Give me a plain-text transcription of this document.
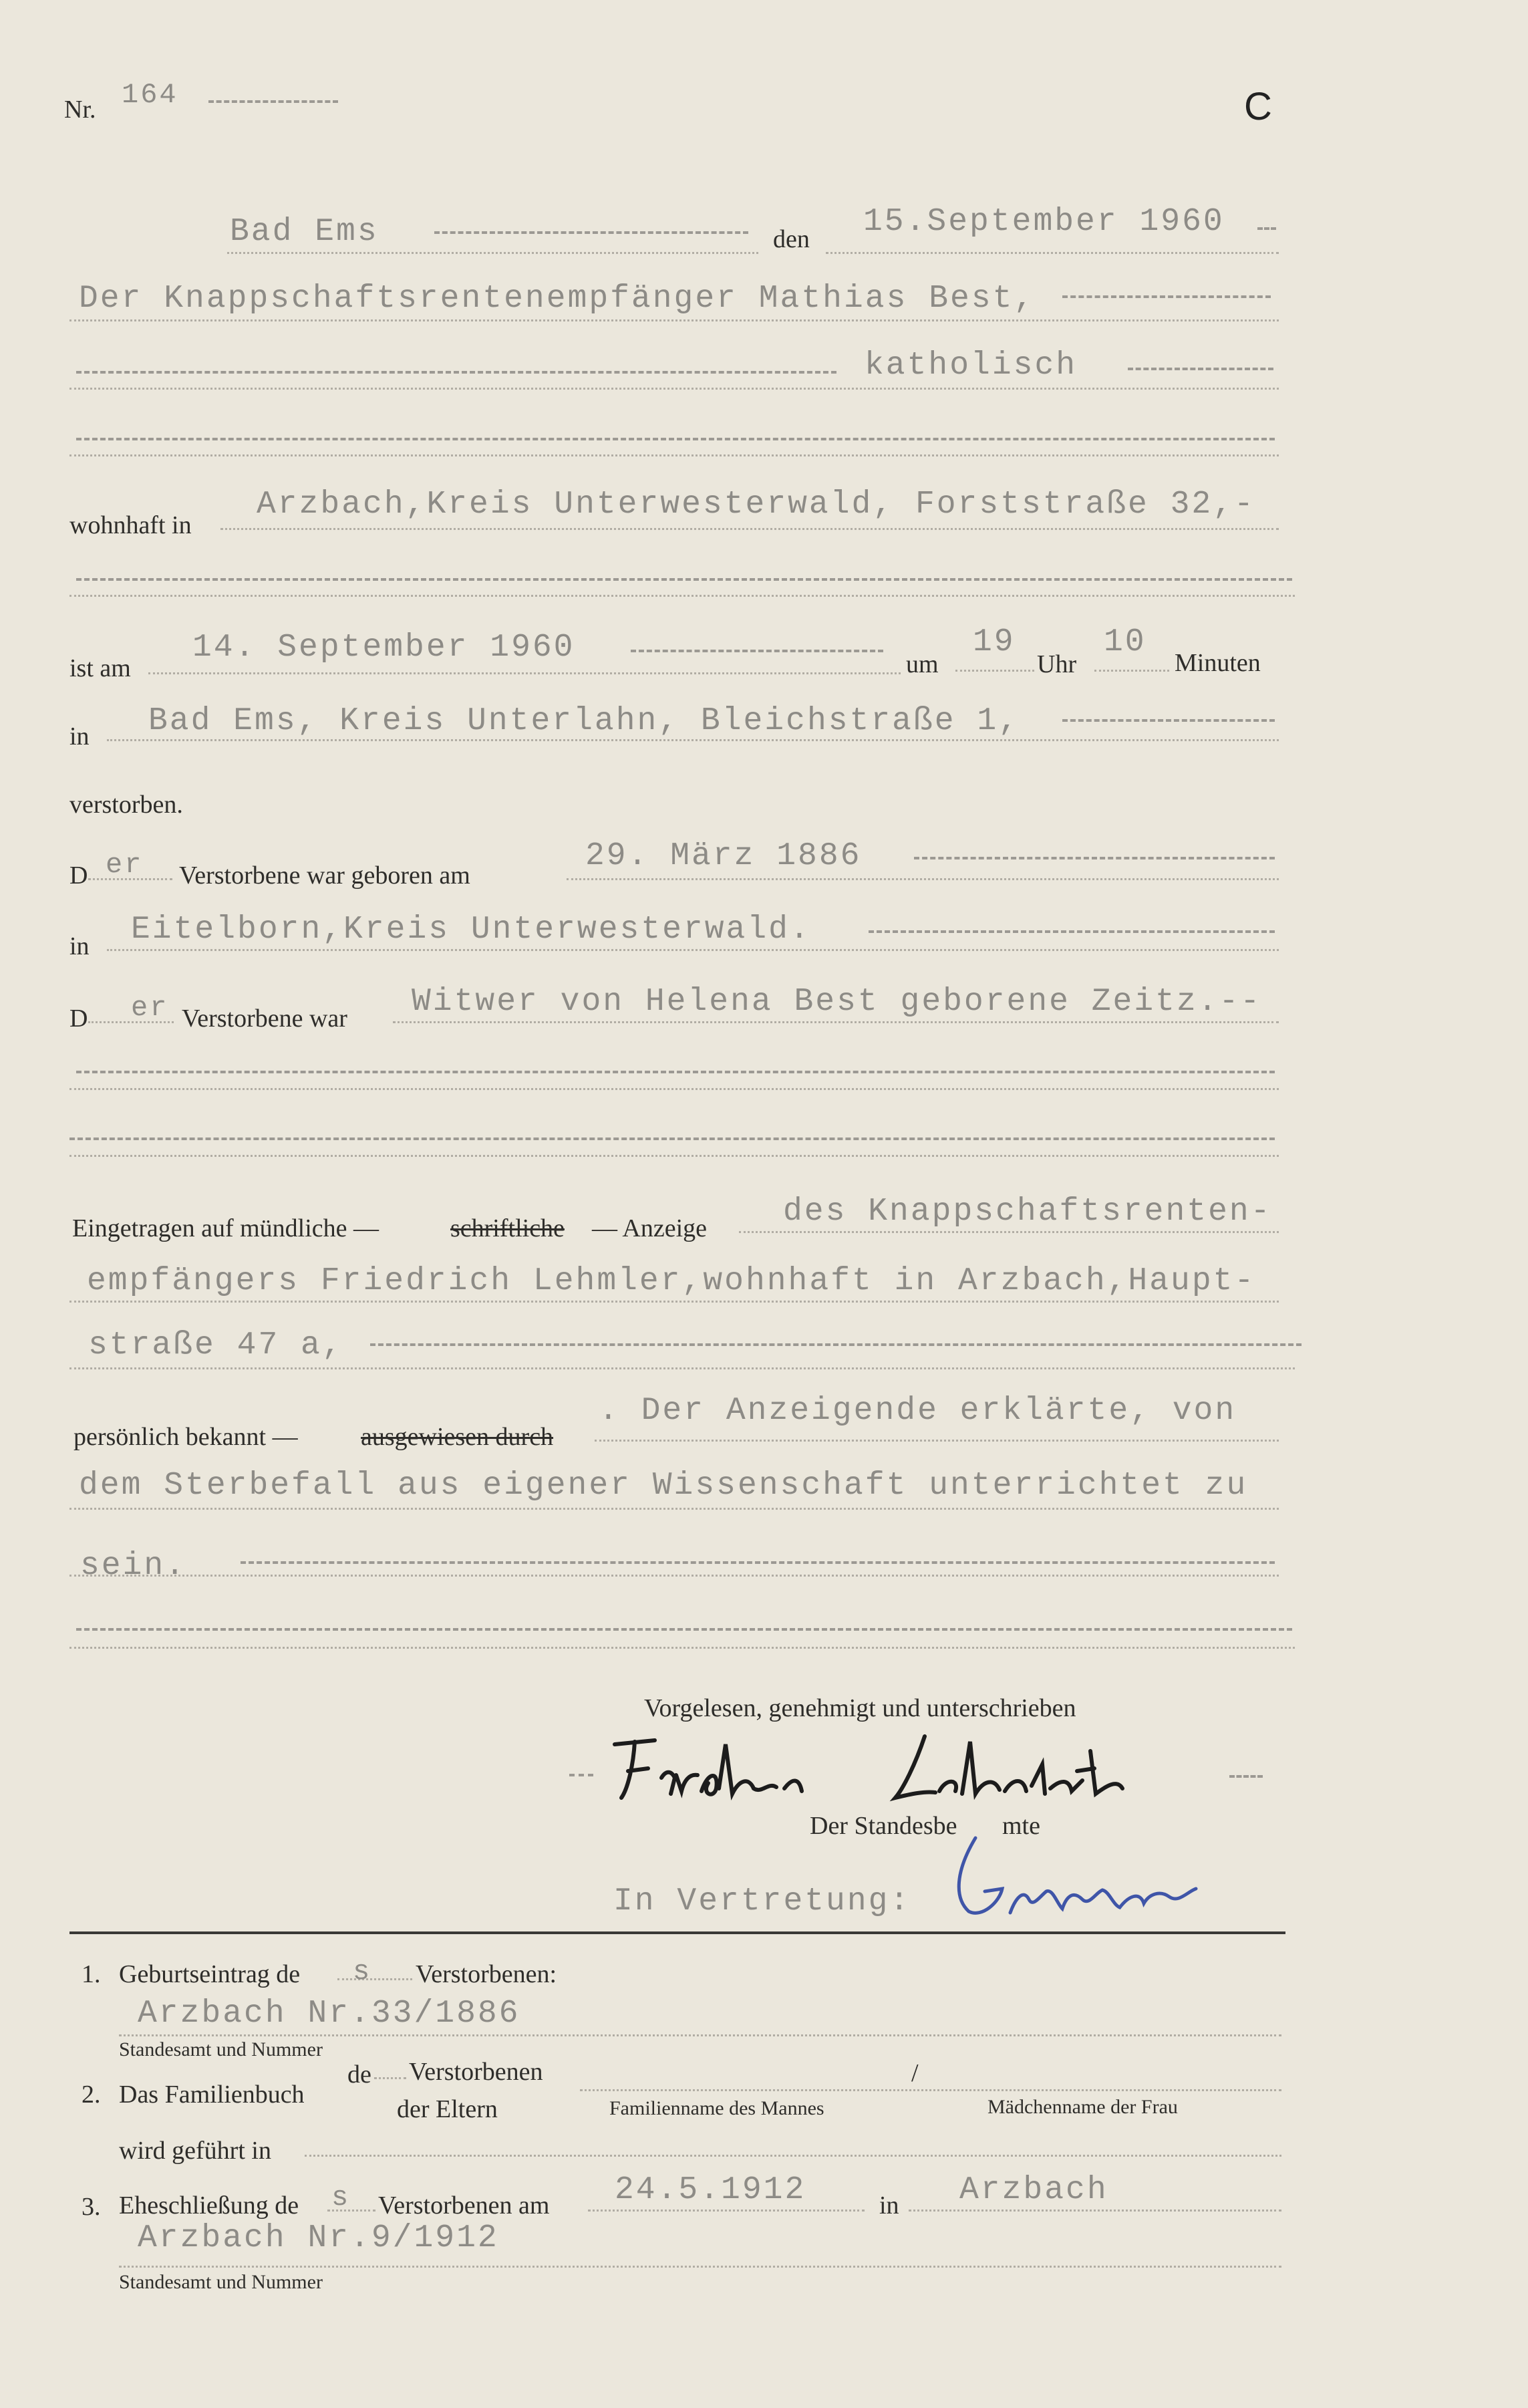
Nr. 164	C
Bad Ems	den 15.September 1960
Der Knappschaftsrentenempfänger Mathias Best,
katholisch
wohnhaft in
Arzbach,Kreis Unterwesterwald, Forststraße 32,-
ist am
14. September 1960	um
19
Uhr
10
Minuten
in Bad Ems, Kreis Unterlahn, Bleichstraße 1,
verstorben.
D er Verstorbene war geboren am
29. März 1886
in Eitelborn,Kreis Unterwesterwald.
D er Verstorbene war Witwer von Helena Best geborene Zeitz.--
Eingetragen auf mündliche —	schriftliche — Anzeige des Knappschaftsrenten-
empfängers Friedrich Lehmler,wohnhaft in Arzbach,Haupt-
straße 47 a,
persönlich bekannt — ausgewiesen durch
. Der Anzeigende erklärte, von
dem Sterbefall aus eigener Wissenschaft unterrichtet zu
sein.
Vorgelesen, genehmigt und unterschrieben
Der Standesbe mte
In Vertretung:
1. Geburtseintrag de s Verstorbenen:
Arzbach Nr.33/1886
Standesamt und Nummer
2. Das Familienbuch
de Verstorbenen
der Eltern
/
Familienname des Mannes	Mädchenname der Frau
wird geführt in
3. Eheschließung de s Verstorbenen am 24.5.1912	in Arzbach
Arzbach Nr.9/1912
Standesamt und Nummer
